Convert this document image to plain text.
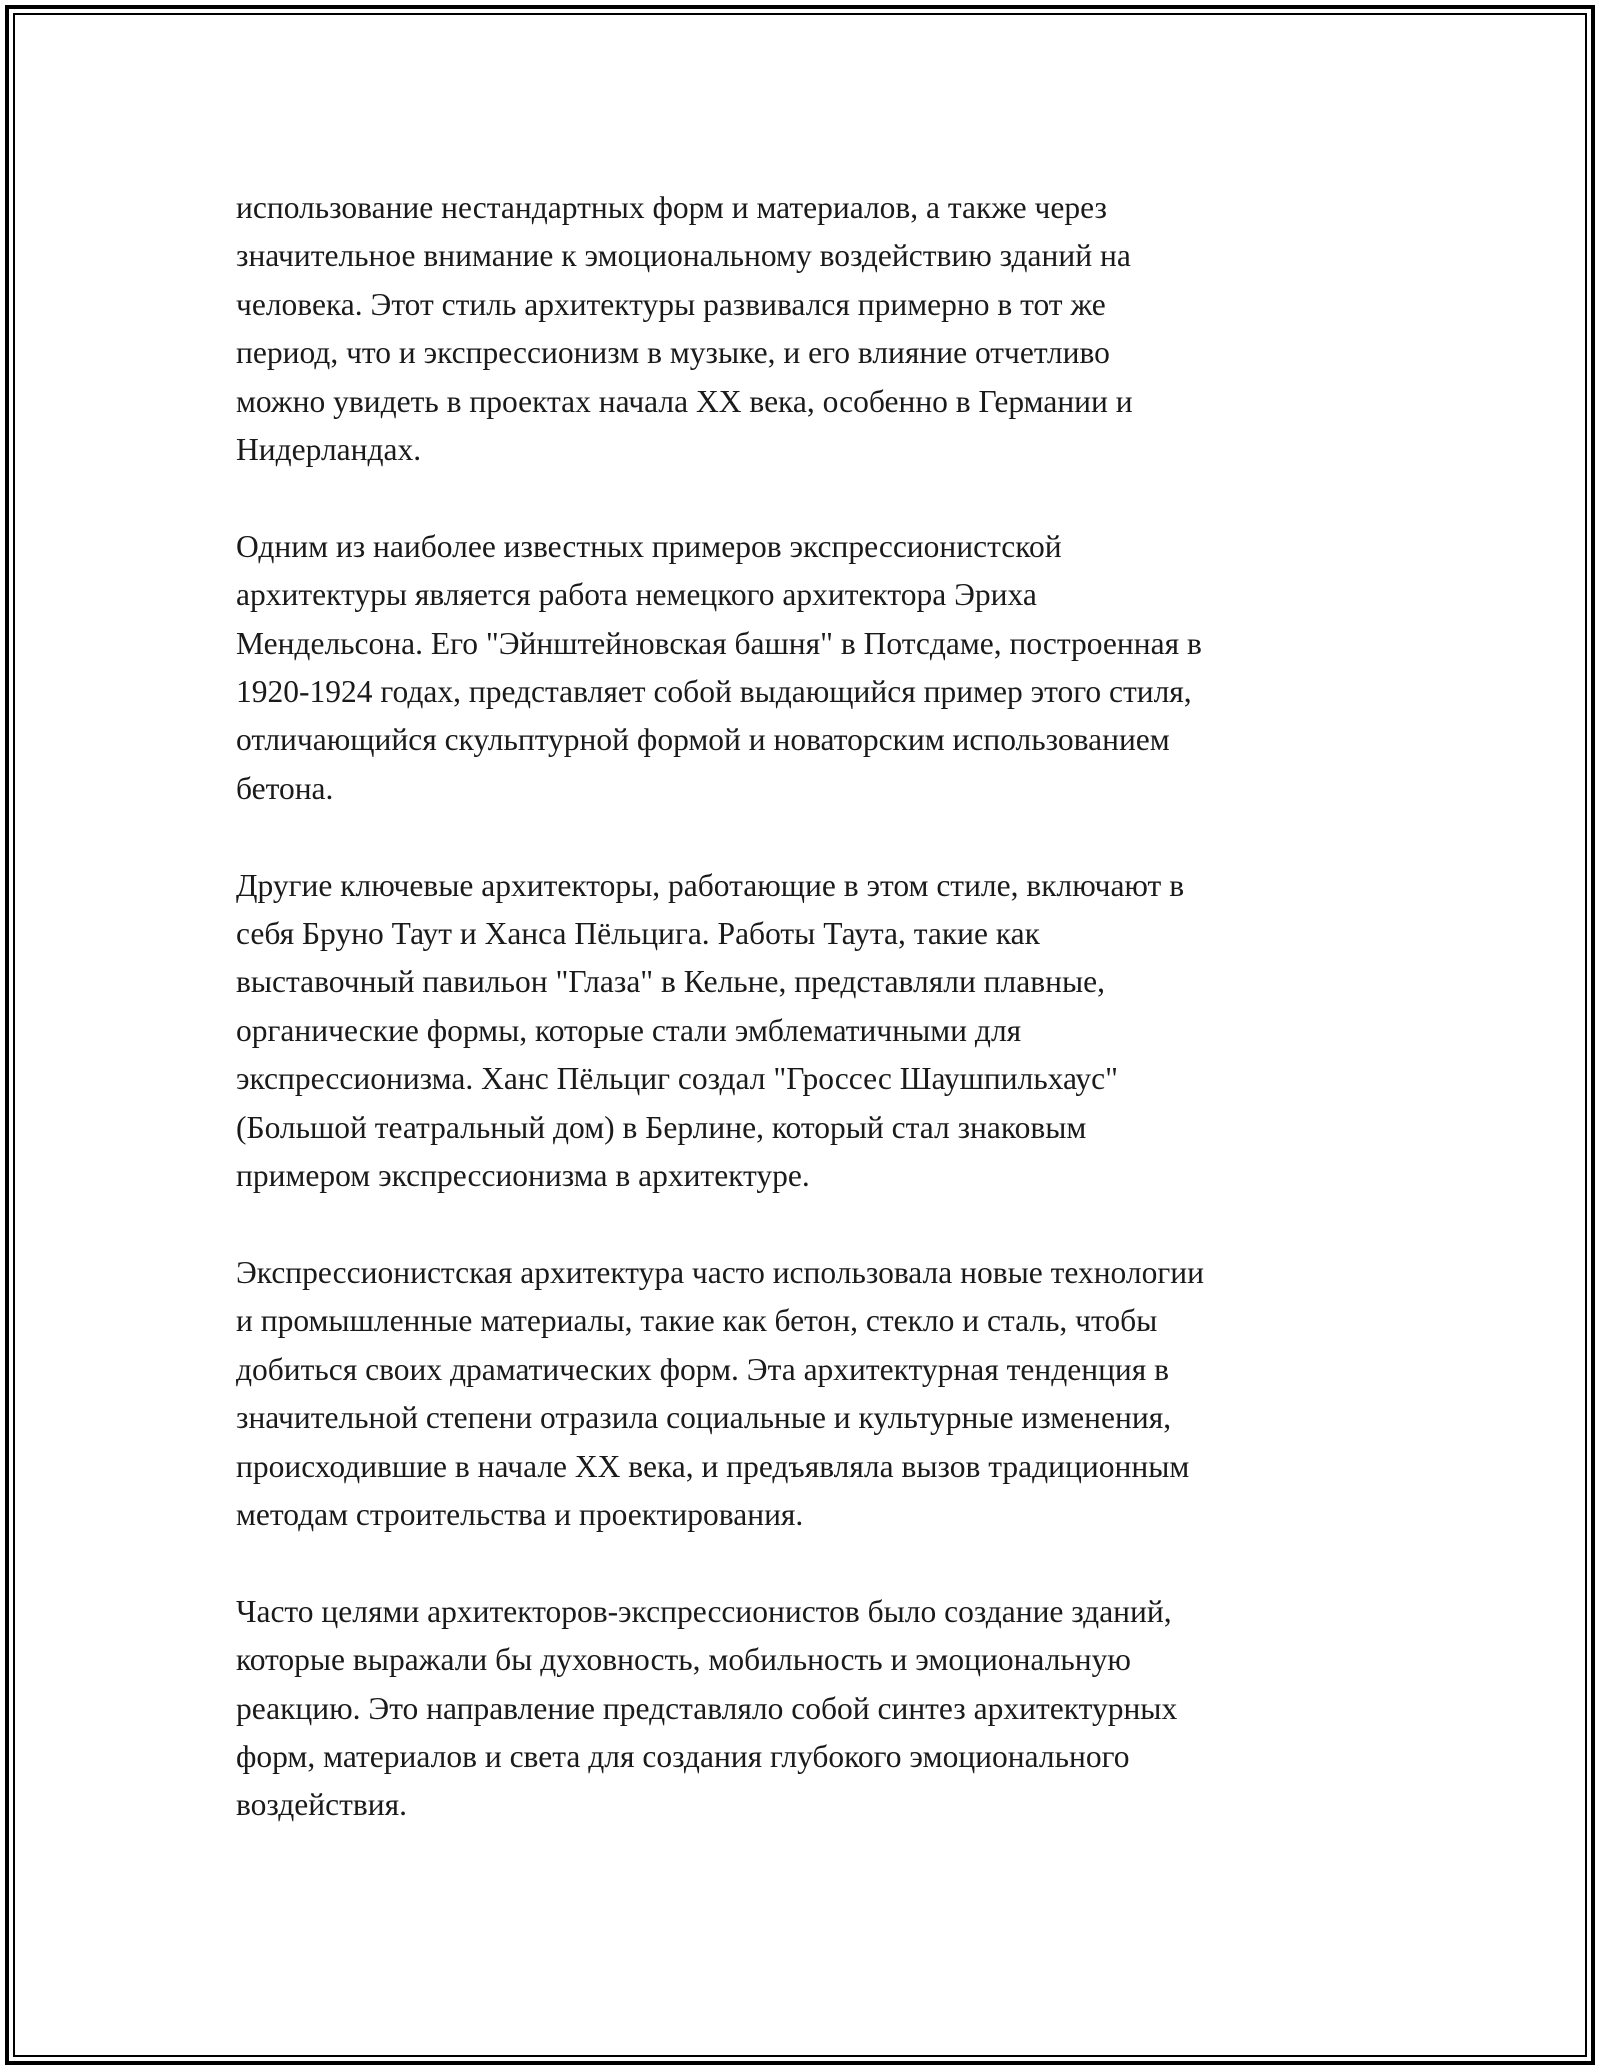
использование нестандартных форм и материалов, а также через
значительное внимание к эмоциональному воздействию зданий на
человека. Этот стиль архитектуры развивался примерно в тот же
период, что и экспрессионизм в музыке, и его влияние отчетливо
можно увидеть в проектах начала XX века, особенно в Германии и
Нидерландах.

Одним из наиболее известных примеров экспрессионистской
архитектуры является работа немецкого архитектора Эриха
Мендельсона. Его "Эйнштейновская башня" в Потсдаме, построенная в
1920-1924 годах, представляет собой выдающийся пример этого стиля,
отличающийся скульптурной формой и новаторским использованием
бетона.

Другие ключевые архитекторы, работающие в этом стиле, включают в
себя Бруно Таут и Ханса Пёльцига. Работы Таута, такие как
выставочный павильон "Глаза" в Кельне, представляли плавные,
органические формы, которые стали эмблематичными для
экспрессионизма. Ханс Пёльциг создал "Гроссес Шаушпильхаус"
(Большой театральный дом) в Берлине, который стал знаковым
примером экспрессионизма в архитектуре.

Экспрессионистская архитектура часто использовала новые технологии
и промышленные материалы, такие как бетон, стекло и сталь, чтобы
добиться своих драматических форм. Эта архитектурная тенденция в
значительной степени отразила социальные и культурные изменения,
происходившие в начале XX века, и предъявляла вызов традиционным
методам строительства и проектирования.

Часто целями архитекторов-экспрессионистов было создание зданий,
которые выражали бы духовность, мобильность и эмоциональную
реакцию. Это направление представляло собой синтез архитектурных
форм, материалов и света для создания глубокого эмоционального
воздействия.
